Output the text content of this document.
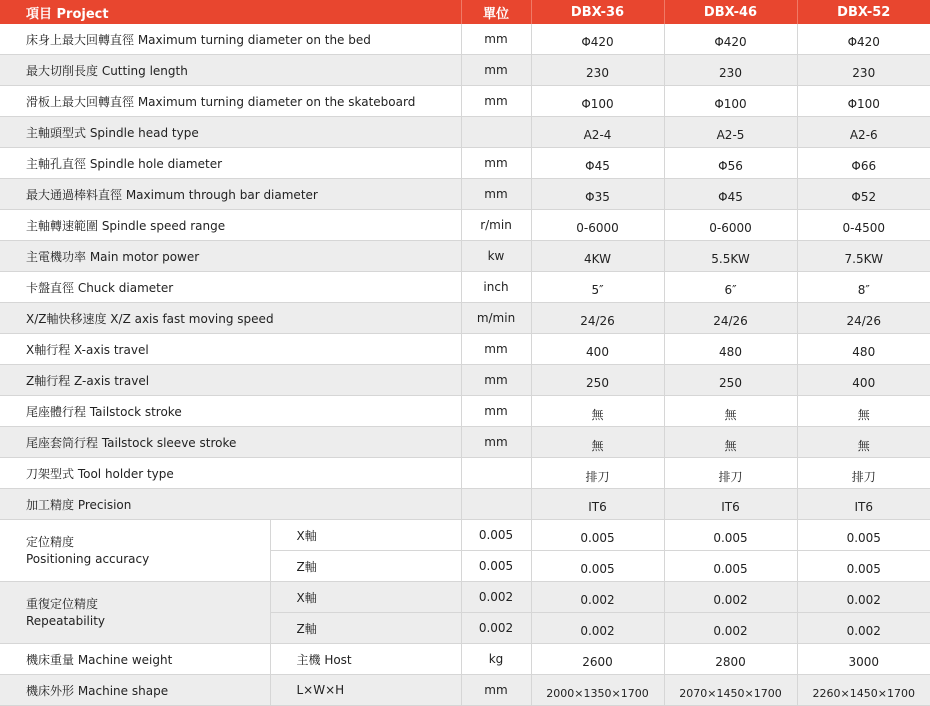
項目 Project		單位	DBX-36	DBX-46	DBX-52
床身上最大回轉直徑 Maximum turning diameter on the bed		mm	Φ420	Φ420	Φ420
最大切削長度 Cutting length		mm	230	230	230
滑板上最大回轉直徑 Maximum turning diameter on the skateboard		mm	Φ100	Φ100	Φ100
主軸頭型式 Spindle head type			A2-4	A2-5	A2-6
主軸孔直徑 Spindle hole diameter		mm	Φ45	Φ56	Φ66
最大通過棒料直徑 Maximum through bar diameter		mm	Φ35	Φ45	Φ52
主軸轉速範圍 Spindle speed range		r/min	0-6000	0-6000	0-4500
主電機功率 Main motor power		kw	4KW	5.5KW	7.5KW
卡盤直徑 Chuck diameter		inch	5″	6″	8″
X/Z軸快移速度 X/Z axis fast moving speed		m/min	24/26	24/26	24/26
X軸行程 X-axis travel		mm	400	480	480
Z軸行程 Z-axis travel		mm	250	250	400
尾座體行程 Tailstock stroke		mm	無	無	無
尾座套筒行程 Tailstock sleeve stroke		mm	無	無	無
刀架型式 Tool holder type			排刀	排刀	排刀
加工精度 Precision			IT6	IT6	IT6

定位精度
Positioning accuracy	X軸	0.005	0.005	0.005	0.005
	Z軸	0.005	0.005	0.005	0.005

重復定位精度
Repeatability	X軸	0.002	0.002	0.002	0.002
	Z軸	0.002	0.002	0.002	0.002
機床重量 Machine weight	主機 Host	kg	2600	2800	3000
機床外形 Machine shape	L×W×H	mm	2000×1350×1700	2070×1450×1700	2260×1450×1700
